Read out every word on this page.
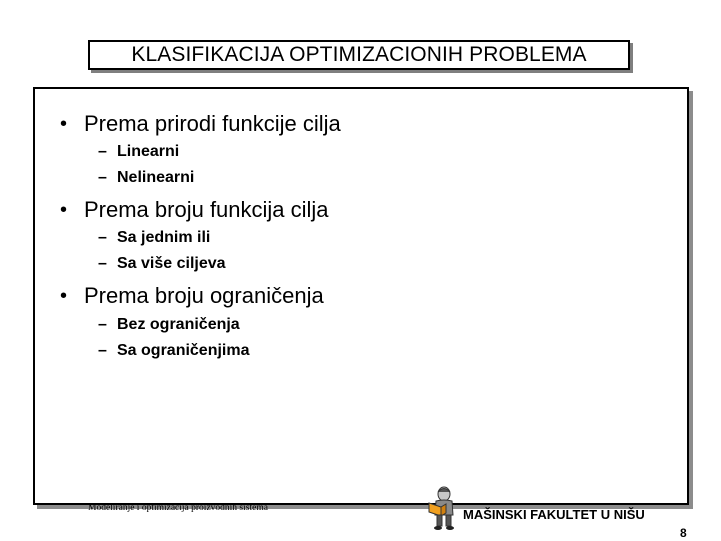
KLASIFIKACIJA OPTIMIZACIONIH PROBLEMA
• Prema prirodi funkcije cilja
– Linearni
– Nelinearni
• Prema broju funkcija cilja
– Sa jednim ili
– Sa više ciljeva
• Prema broju ograničenja
– Bez ograničenja
– Sa ograničenjima
Modeliranje i optimizacija proizvodnih sistema	MAŠINSKI FAKULTET U NIŠU
8
